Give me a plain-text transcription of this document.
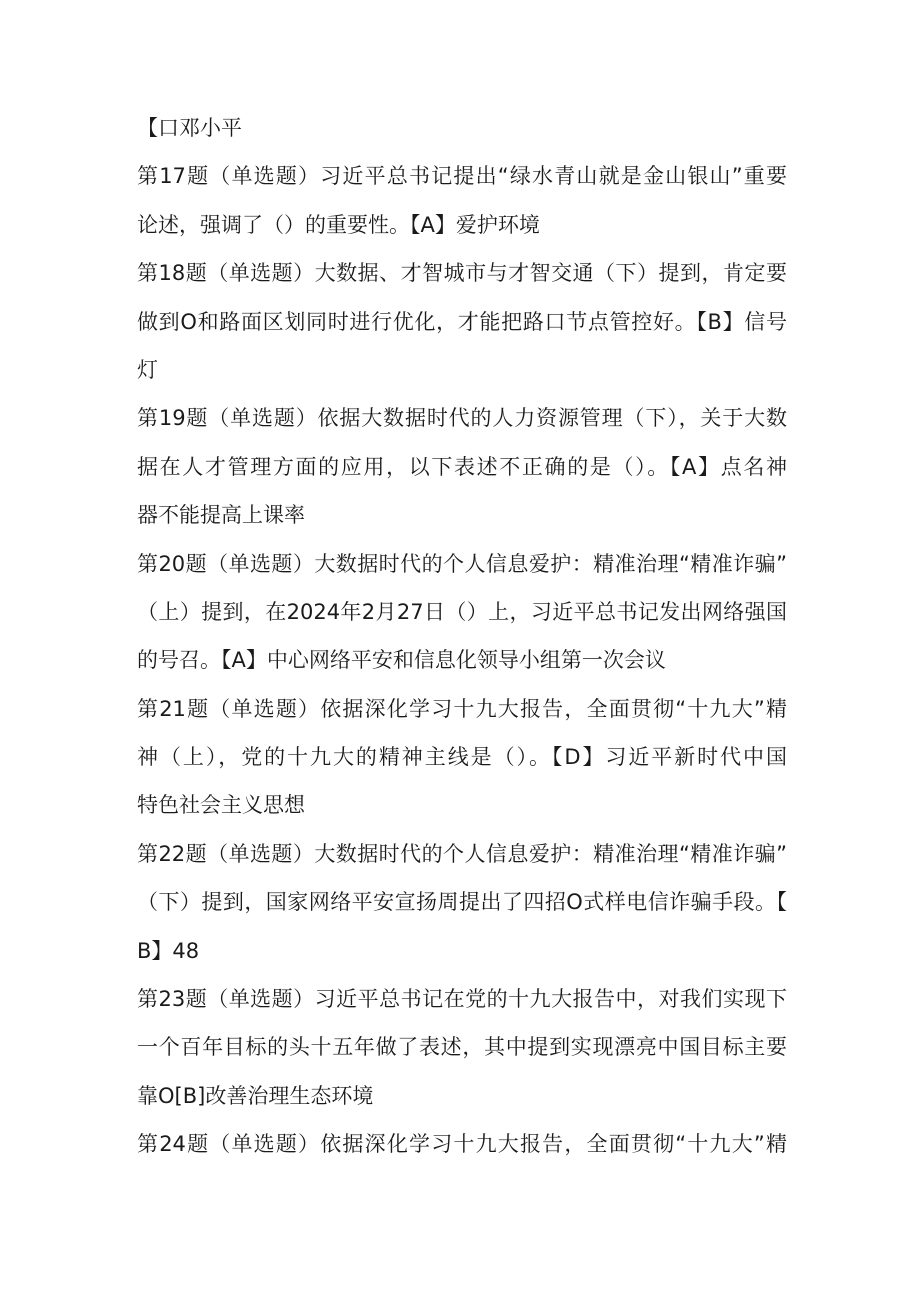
【口邓小平
第17题（单选题）习近平总书记提出“绿水青山就是金山银山”重要
论述，强调了（）的重要性。【A】爱护环境
第18题（单选题）大数据、才智城市与才智交通（下）提到，肯定要
做到O和路面区划同时进行优化，才能把路口节点管控好。【B】信号
灯
第19题（单选题）依据大数据时代的人力资源管理（下），关于大数
据在人才管理方面的应用，以下表述不正确的是（）。【A】点名神
器不能提高上课率
第20题（单选题）大数据时代的个人信息爱护：精准治理“精准诈骗”
（上）提到，在2024年2月27日（）上，习近平总书记发出网络强国
的号召。【A】中心网络平安和信息化领导小组第一次会议
第21题（单选题）依据深化学习十九大报告，全面贯彻“十九大”精
神（上），党的十九大的精神主线是（）。【D】习近平新时代中国
特色社会主义思想
第22题（单选题）大数据时代的个人信息爱护：精准治理“精准诈骗”
（下）提到，国家网络平安宣扬周提出了四招O式样电信诈骗手段。【
B】48
第23题（单选题）习近平总书记在党的十九大报告中，对我们实现下
一个百年目标的头十五年做了表述，其中提到实现漂亮中国目标主要
靠O[B]改善治理生态环境
第24题（单选题）依据深化学习十九大报告，全面贯彻“十九大”精
